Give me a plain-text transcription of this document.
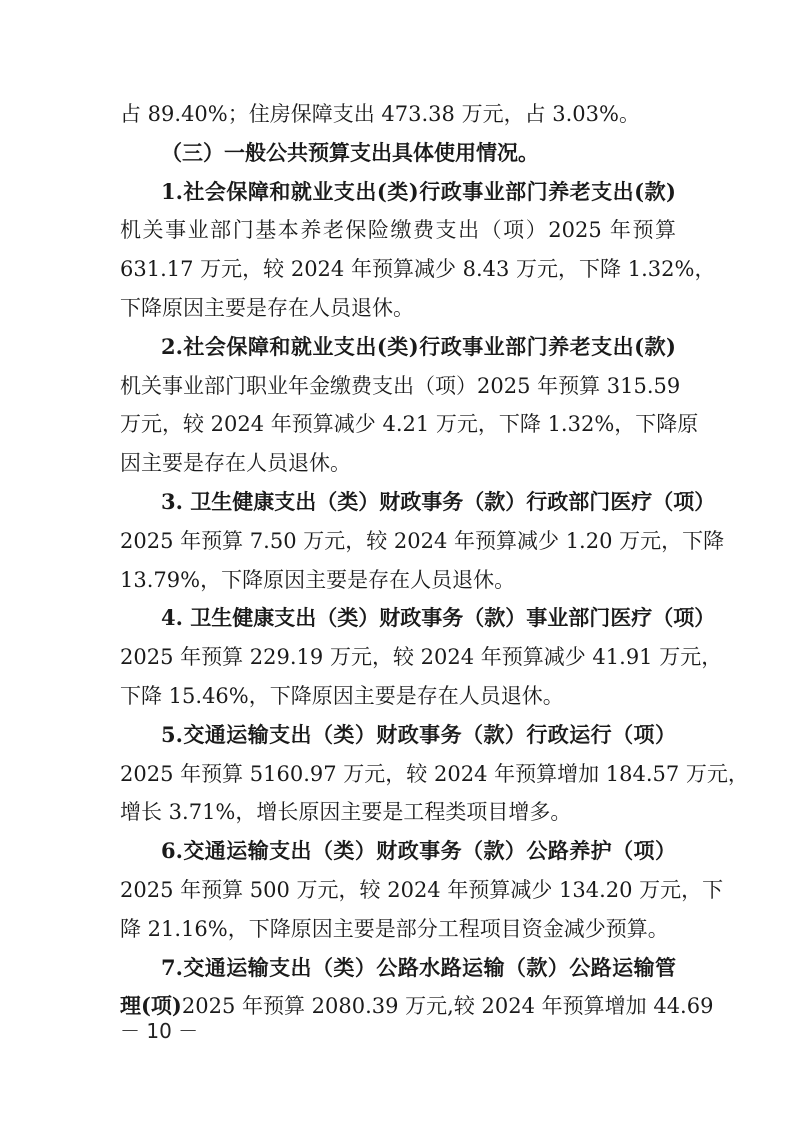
占 89.40%；住房保障支出 473.38 万元，占 3.03%。
（三）一般公共预算支出具体使用情况。
1.社会保障和就业支出(类)行政事业部门养老支出(款)
机关事业部门基本养老保险缴费支出（项）2025 年预算
631.17 万元，较 2024 年预算减少 8.43 万元，下降 1.32%，
下降原因主要是存在人员退休。
2.社会保障和就业支出(类)行政事业部门养老支出(款)
机关事业部门职业年金缴费支出（项）2025 年预算 315.59
万元，较 2024 年预算减少 4.21 万元，下降 1.32%，下降原
因主要是存在人员退休。
3. 卫生健康支出（类）财政事务（款）行政部门医疗（项）
2025 年预算 7.50 万元，较 2024 年预算减少 1.20 万元，下降
13.79%，下降原因主要是存在人员退休。
4. 卫生健康支出（类）财政事务（款）事业部门医疗（项）
2025 年预算 229.19 万元，较 2024 年预算减少 41.91 万元，
下降 15.46%，下降原因主要是存在人员退休。
5.交通运输支出（类）财政事务（款）行政运行（项）
2025 年预算 5160.97 万元，较 2024 年预算增加 184.57 万元，
增长 3.71%，增长原因主要是工程类项目增多。
6.交通运输支出（类）财政事务（款）公路养护（项）
2025 年预算 500 万元，较 2024 年预算减少 134.20 万元，下
降 21.16%，下降原因主要是部分工程项目资金减少预算。
7.交通运输支出（类）公路水路运输（款）公路运输管
理(项)2025 年预算 2080.39 万元,较 2024 年预算增加 44.69
－ 10 －
